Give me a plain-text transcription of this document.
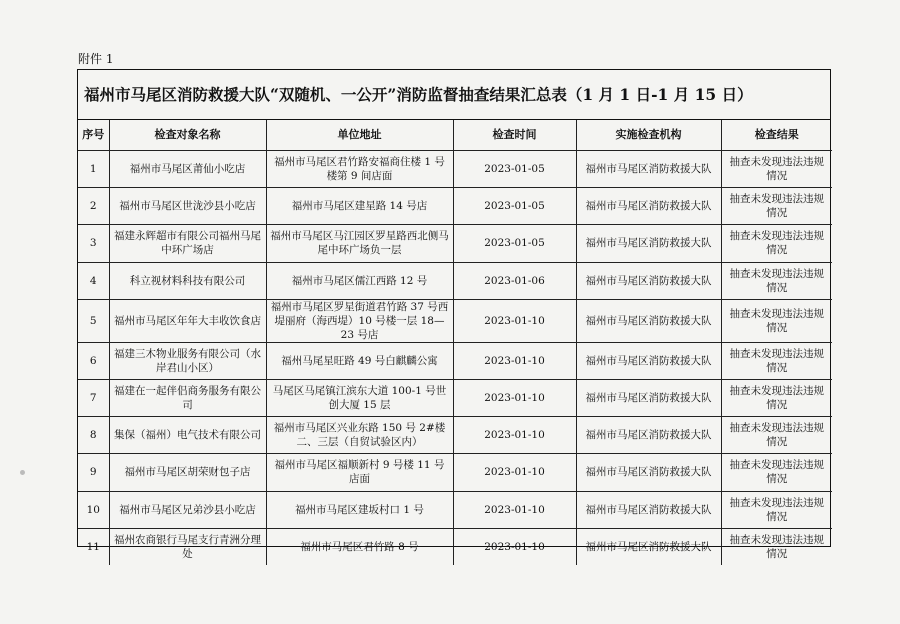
附件 1
福州市马尾区消防救援大队“双随机、一公开”消防监督抽查结果汇总表（1 月 1 日-1 月 15 日）
序号	检查对象名称	单位地址	检查时间	实施检查机构	检查结果
1	福州市马尾区莆仙小吃店	福州市马尾区君竹路安福商住楼 1 号楼第 9 间店面	2023-01-05	福州市马尾区消防救援大队	抽查未发现违法违规情况
2	福州市马尾区世泷沙县小吃店	福州市马尾区建星路 14 号店	2023-01-05	福州市马尾区消防救援大队	抽查未发现违法违规情况
3	福建永辉超市有限公司福州马尾中环广场店	福州市马尾区马江园区罗星路西北侧马尾中环广场负一层	2023-01-05	福州市马尾区消防救援大队	抽查未发现违法违规情况
4	科立视材料科技有限公司	福州市马尾区儒江西路 12 号	2023-01-06	福州市马尾区消防救援大队	抽查未发现违法违规情况
5	福州市马尾区年年大丰收饮食店	福州市马尾区罗星街道君竹路 37 号西堤丽府（海西堤）10 号楼一层 18—23 号店	2023-01-10	福州市马尾区消防救援大队	抽查未发现违法违规情况
6	福建三木物业服务有限公司（水岸君山小区）	福州马尾星旺路 49 号白麒麟公寓	2023-01-10	福州市马尾区消防救援大队	抽查未发现违法违规情况
7	福建在一起伴侣商务服务有限公司	马尾区马尾镇江滨东大道 100-1 号世创大厦 15 层	2023-01-10	福州市马尾区消防救援大队	抽查未发现违法违规情况
8	集保（福州）电气技术有限公司	福州市马尾区兴业东路 150 号 2#楼二、三层（自贸试验区内）	2023-01-10	福州市马尾区消防救援大队	抽查未发现违法违规情况
9	福州市马尾区胡荣财包子店	福州市马尾区福顺新村 9 号楼 11 号店面	2023-01-10	福州市马尾区消防救援大队	抽查未发现违法违规情况
10	福州市马尾区兄弟沙县小吃店	福州市马尾区建坂村口 1 号	2023-01-10	福州市马尾区消防救援大队	抽查未发现违法违规情况
11	福州农商银行马尾支行青洲分理处	福州市马尾区君竹路 8 号	2023-01-10	福州市马尾区消防救援大队	抽查未发现违法违规情况
